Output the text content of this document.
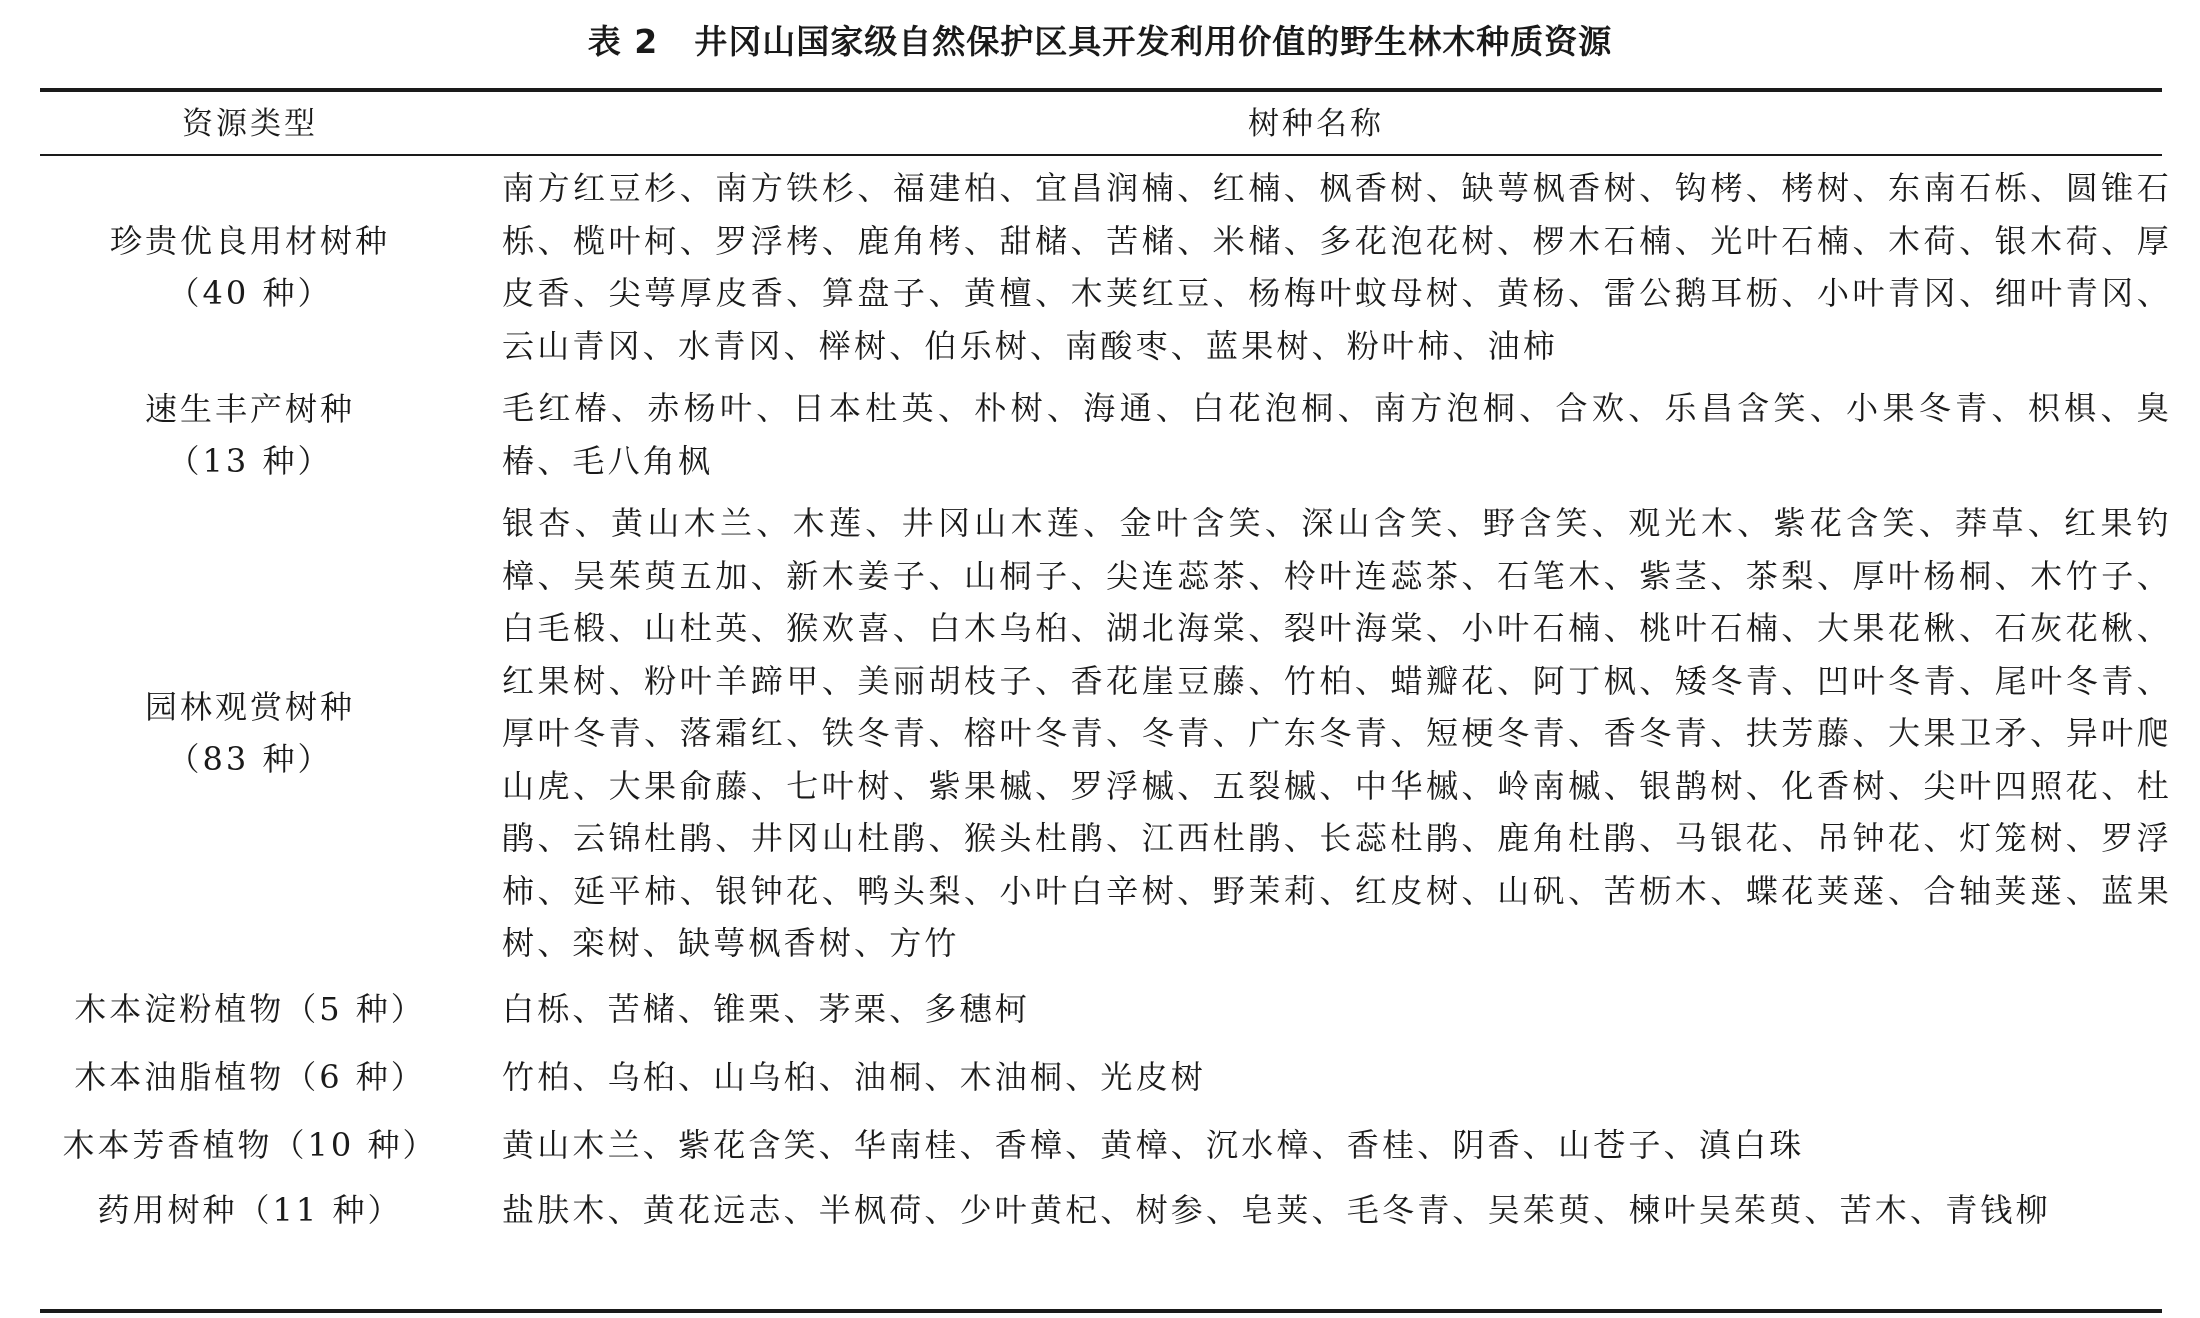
表 2 井冈山国家级自然保护区具开发利用价值的野生林木种质资源
资源类型	树种名称
珍贵优良用材树种
（40 种）
南方红豆杉、南方铁杉、福建柏、宜昌润楠、红楠、枫香树、缺萼枫香树、钩栲、栲树、东南石栎、圆锥石栎、榄叶柯、罗浮栲、鹿角栲、甜槠、苦槠、米槠、多花泡花树、椤木石楠、光叶石楠、木荷、银木荷、厚皮香、尖萼厚皮香、算盘子、黄檀、木荚红豆、杨梅叶蚊母树、黄杨、雷公鹅耳枥、小叶青冈、细叶青冈、云山青冈、水青冈、榉树、伯乐树、南酸枣、蓝果树、粉叶柿、油柿
速生丰产树种
（13 种）
毛红椿、赤杨叶、日本杜英、朴树、海通、白花泡桐、南方泡桐、合欢、乐昌含笑、小果冬青、枳椇、臭椿、毛八角枫
园林观赏树种
（83 种）
银杏、黄山木兰、木莲、井冈山木莲、金叶含笑、深山含笑、野含笑、观光木、紫花含笑、莽草、红果钓樟、吴茱萸五加、新木姜子、山桐子、尖连蕊茶、柃叶连蕊茶、石笔木、紫茎、茶梨、厚叶杨桐、木竹子、白毛椴、山杜英、猴欢喜、白木乌桕、湖北海棠、裂叶海棠、小叶石楠、桃叶石楠、大果花楸、石灰花楸、红果树、粉叶羊蹄甲、美丽胡枝子、香花崖豆藤、竹柏、蜡瓣花、阿丁枫、矮冬青、凹叶冬青、尾叶冬青、厚叶冬青、落霜红、铁冬青、榕叶冬青、冬青、广东冬青、短梗冬青、香冬青、扶芳藤、大果卫矛、异叶爬山虎、大果俞藤、七叶树、紫果槭、罗浮槭、五裂槭、中华槭、岭南槭、银鹊树、化香树、尖叶四照花、杜鹃、云锦杜鹃、井冈山杜鹃、猴头杜鹃、江西杜鹃、长蕊杜鹃、鹿角杜鹃、马银花、吊钟花、灯笼树、罗浮柿、延平柿、银钟花、鸭头梨、小叶白辛树、野茉莉、红皮树、山矾、苦枥木、蝶花荚蒾、合轴荚蒾、蓝果树、栾树、缺萼枫香树、方竹
木本淀粉植物（5 种） 白栎、苦槠、锥栗、茅栗、多穗柯
木本油脂植物（6 种） 竹柏、乌桕、山乌桕、油桐、木油桐、光皮树
木本芳香植物（10 种） 黄山木兰、紫花含笑、华南桂、香樟、黄樟、沉水樟、香桂、阴香、山苍子、滇白珠
药用树种（11 种）	盐肤木、黄花远志、半枫荷、少叶黄杞、树参、皂荚、毛冬青、吴茱萸、楝叶吴茱萸、苦木、青钱柳
